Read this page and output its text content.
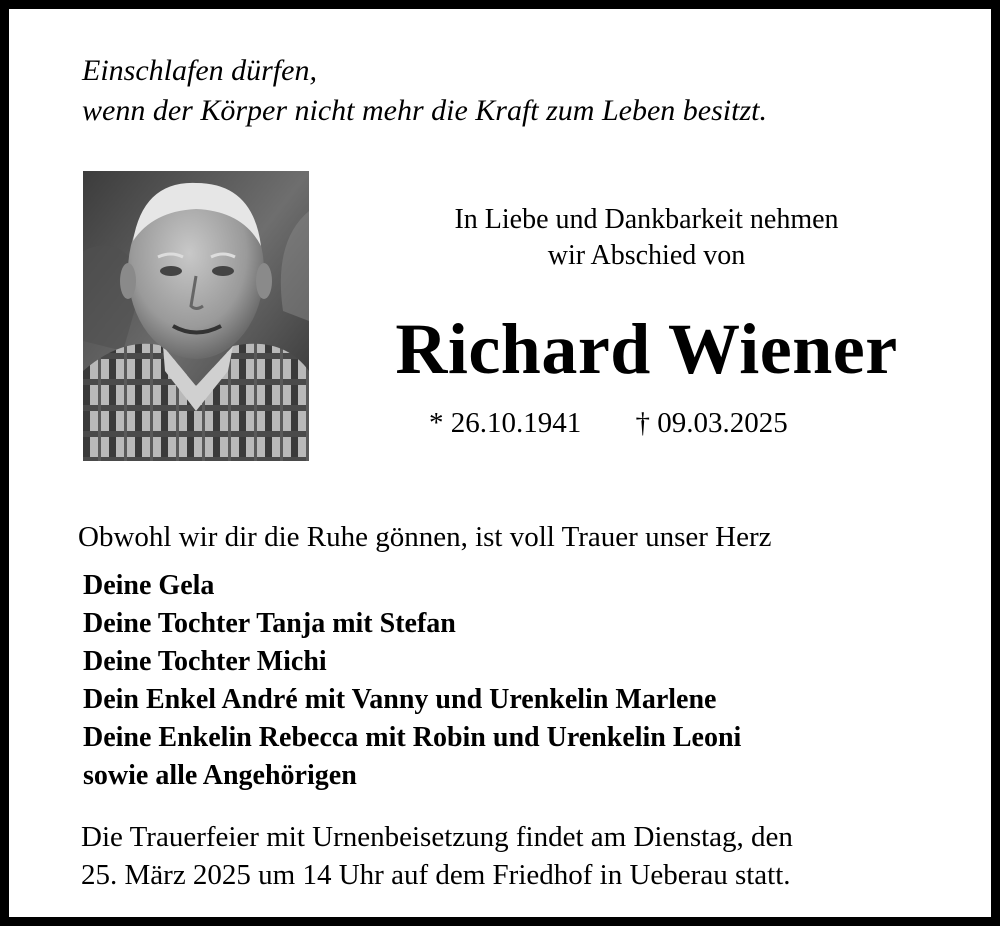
Einschlafen dürfen,
wenn der Körper nicht mehr die Kraft zum Leben besitzt.
In Liebe und Dankbarkeit nehmen
wir Abschied von
Richard Wiener
* 26.10.1941 † 09.03.2025
Obwohl wir dir die Ruhe gönnen, ist voll Trauer unser Herz
Deine Gela
Deine Tochter Tanja mit Stefan
Deine Tochter Michi
Dein Enkel André mit Vanny und Urenkelin Marlene
Deine Enkelin Rebecca mit Robin und Urenkelin Leoni
sowie alle Angehörigen
Die Trauerfeier mit Urnenbeisetzung findet am Dienstag, den
25. März 2025 um 14 Uhr auf dem Friedhof in Ueberau statt.
